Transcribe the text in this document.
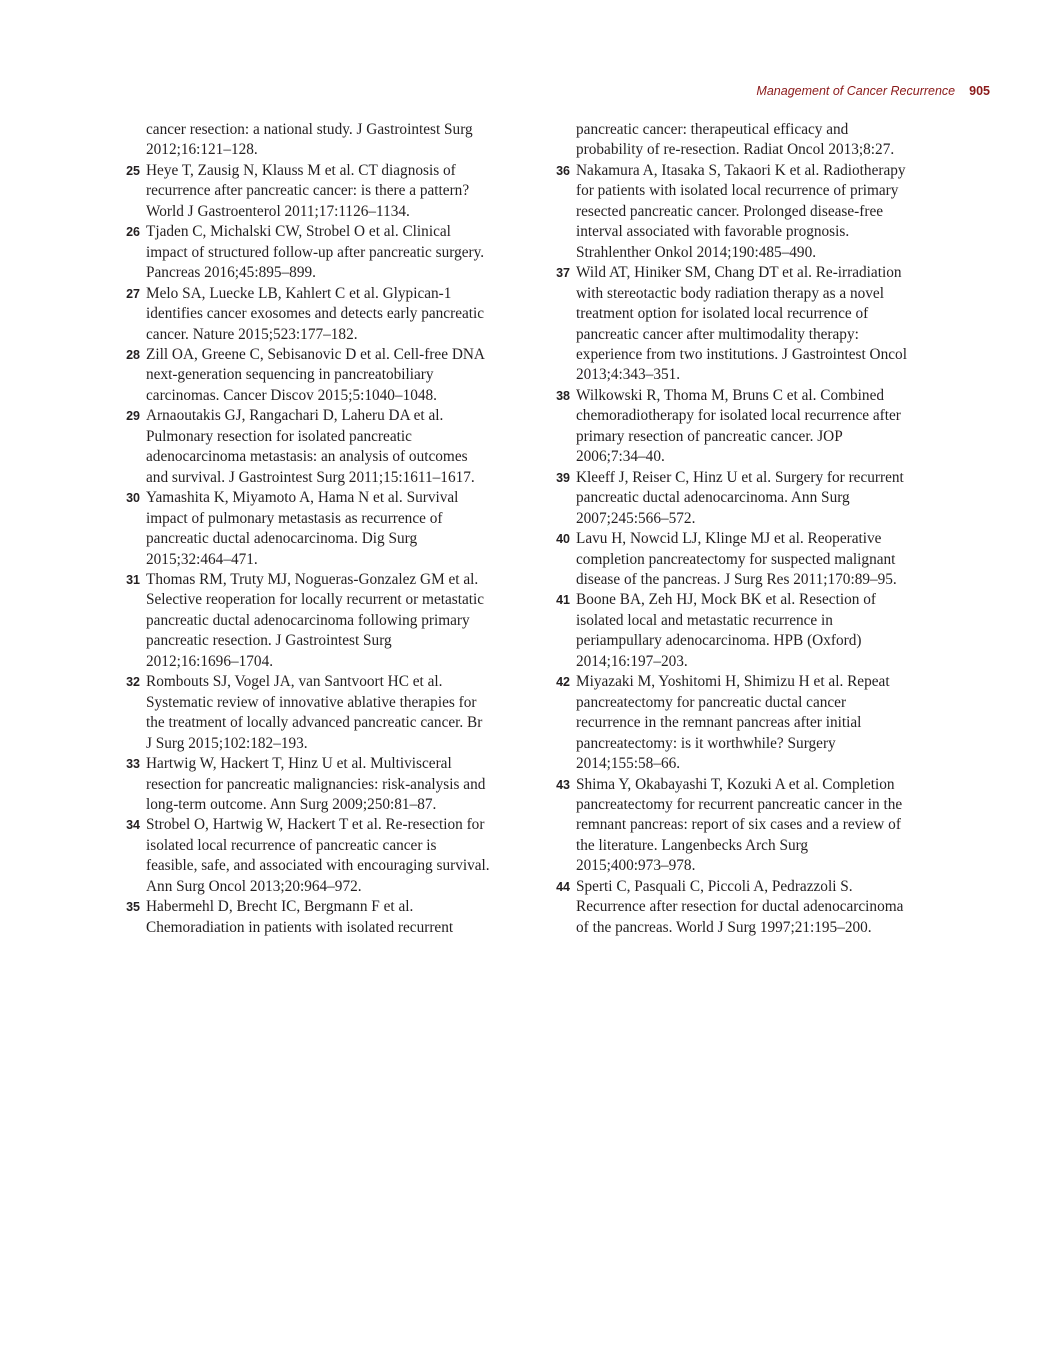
Management of Cancer Recurrence 905
cancer resection: a national study. J Gastrointest Surg
2012;16:121–128.
25 Heye T, Zausig N, Klauss M et al. CT diagnosis of
recurrence after pancreatic cancer: is there a pattern?
World J Gastroenterol 2011;17:1126–1134.
26 Tjaden C, Michalski CW, Strobel O et al. Clinical
impact of structured follow-up after pancreatic surgery.
Pancreas 2016;45:895–899.
27 Melo SA, Luecke LB, Kahlert C et al. Glypican-1
identifies cancer exosomes and detects early pancreatic
cancer. Nature 2015;523:177–182.
28 Zill OA, Greene C, Sebisanovic D et al. Cell-free DNA
next-generation sequencing in pancreatobiliary
carcinomas. Cancer Discov 2015;5:1040–1048.
29 Arnaoutakis GJ, Rangachari D, Laheru DA et al.
Pulmonary resection for isolated pancreatic
adenocarcinoma metastasis: an analysis of outcomes
and survival. J Gastrointest Surg 2011;15:1611–1617.
30 Yamashita K, Miyamoto A, Hama N et al. Survival
impact of pulmonary metastasis as recurrence of
pancreatic ductal adenocarcinoma. Dig Surg
2015;32:464–471.
31 Thomas RM, Truty MJ, Nogueras-Gonzalez GM et al.
Selective reoperation for locally recurrent or metastatic
pancreatic ductal adenocarcinoma following primary
pancreatic resection. J Gastrointest Surg
2012;16:1696–1704.
32 Rombouts SJ, Vogel JA, van Santvoort HC et al.
Systematic review of innovative ablative therapies for
the treatment of locally advanced pancreatic cancer. Br
J Surg 2015;102:182–193.
33 Hartwig W, Hackert T, Hinz U et al. Multivisceral
resection for pancreatic malignancies: risk-analysis and
long-term outcome. Ann Surg 2009;250:81–87.
34 Strobel O, Hartwig W, Hackert T et al. Re-resection for
isolated local recurrence of pancreatic cancer is
feasible, safe, and associated with encouraging survival.
Ann Surg Oncol 2013;20:964–972.
35 Habermehl D, Brecht IC, Bergmann F et al.
Chemoradiation in patients with isolated recurrent
pancreatic cancer: therapeutical efficacy and
probability of re-resection. Radiat Oncol 2013;8:27.
36 Nakamura A, Itasaka S, Takaori K et al. Radiotherapy
for patients with isolated local recurrence of primary
resected pancreatic cancer. Prolonged disease-free
interval associated with favorable prognosis.
Strahlenther Onkol 2014;190:485–490.
37 Wild AT, Hiniker SM, Chang DT et al. Re-irradiation
with stereotactic body radiation therapy as a novel
treatment option for isolated local recurrence of
pancreatic cancer after multimodality therapy:
experience from two institutions. J Gastrointest Oncol
2013;4:343–351.
38 Wilkowski R, Thoma M, Bruns C et al. Combined
chemoradiotherapy for isolated local recurrence after
primary resection of pancreatic cancer. JOP
2006;7:34–40.
39 Kleeff J, Reiser C, Hinz U et al. Surgery for recurrent
pancreatic ductal adenocarcinoma. Ann Surg
2007;245:566–572.
40 Lavu H, Nowcid LJ, Klinge MJ et al. Reoperative
completion pancreatectomy for suspected malignant
disease of the pancreas. J Surg Res 2011;170:89–95.
41 Boone BA, Zeh HJ, Mock BK et al. Resection of
isolated local and metastatic recurrence in
periampullary adenocarcinoma. HPB (Oxford)
2014;16:197–203.
42 Miyazaki M, Yoshitomi H, Shimizu H et al. Repeat
pancreatectomy for pancreatic ductal cancer
recurrence in the remnant pancreas after initial
pancreatectomy: is it worthwhile? Surgery
2014;155:58–66.
43 Shima Y, Okabayashi T, Kozuki A et al. Completion
pancreatectomy for recurrent pancreatic cancer in the
remnant pancreas: report of six cases and a review of
the literature. Langenbecks Arch Surg
2015;400:973–978.
44 Sperti C, Pasquali C, Piccoli A, Pedrazzoli S.
Recurrence after resection for ductal adenocarcinoma
of the pancreas. World J Surg 1997;21:195–200.
